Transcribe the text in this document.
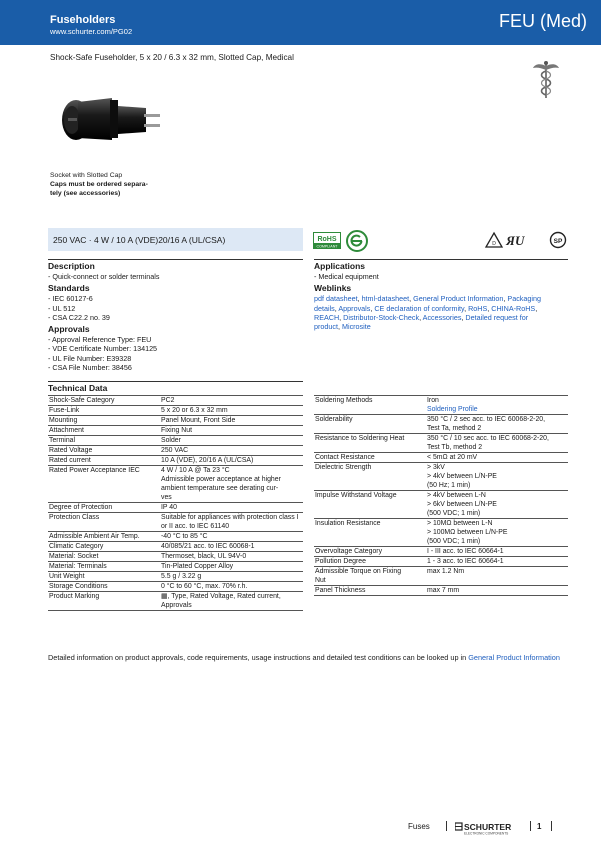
Fuseholders
www.schurter.com/PG02
FEU (Med)
Shock-Safe Fuseholder, 5 x 20 / 6.3 x 32 mm, Slotted Cap, Medical
Socket with Slotted Cap
Caps must be ordered separa-
tely (see accessories)
250 VAC · 4 W / 10 A (VDE)20/16 A (UL/CSA)	RoHS
COMPLIANT	D ЯU	SP
Description
- Quick-connect or solder terminals
Standards
- IEC 60127-6
- UL 512
- CSA C22.2 no. 39
Approvals
- Approval Reference Type: FEU
- VDE Certificate Number: 134125
- UL File Number: E39328
- CSA File Number: 38456
Applications
- Medical equipment
Weblinks
pdf datasheet, html-datasheet, General Product Information, Packaging
details, Approvals, CE declaration of conformity, RoHS, CHINA-RoHS,
REACH, Distributor-Stock-Check, Accessories, Detailed request for
product, Microsite
Technical Data
Shock-Safe Category	PC2
Fuse-Link	5 x 20 or 6.3 x 32 mm
Mounting	Panel Mount, Front Side
Attachment	Fixing Nut
Terminal	Solder
Rated Voltage	250 VAC
Rated current	10 A (VDE), 20/16 A (UL/CSA)
Rated Power Acceptance IEC	4 W / 10 A @ Ta 23 °C
Admissible power acceptance at higher ambient temperature see derating cur-
ves
Degree of Protection	IP 40
Protection Class	Suitable for appliances with protection class I or II acc. to IEC 61140
Admissible Ambient Air Temp.	-40 °C to 85 °C
Climatic Category	40/085/21 acc. to IEC 60068-1
Material: Socket	Thermoset, black, UL 94V-0
Material: Terminals	Tin-Plated Copper Alloy
Unit Weight	5.5 g / 3.22 g
Storage Conditions	0 °C to 60 °C, max. 70% r.h.
Product Marking	▦, Type, Rated Voltage, Rated current, Approvals
Soldering Methods	Iron
Soldering Profile
Solderability	350 °C / 2 sec acc. to IEC 60068-2-20,
Test Ta, method 2
Resistance to Soldering Heat	350 °C / 10 sec acc. to IEC 60068-2-20,
Test Tb, method 2
Contact Resistance	< 5mΩ at 20 mV
Dielectric Strength	> 3kV
> 4kV between L/N-PE
(50 Hz; 1 min)
Impulse Withstand Voltage	> 4kV between L-N
> 6kV between L/N-PE
(500 VDC; 1 min)
Insulation Resistance	> 10MΩ between L-N
> 100MΩ between L/N-PE
(500 VDC; 1 min)
Overvoltage Category	I - III acc. to IEC 60664-1
Pollution Degree	1 - 3 acc. to IEC 60664-1
Admissible Torque on Fixing
Nut	max 1.2 Nm
Panel Thickness	max 7 mm
Detailed information on product approvals, code requirements, usage instructions and detailed test conditions can be looked up in General Product Information
Fuses	SCHURTER
ELECTRONIC COMPONENTS
1
